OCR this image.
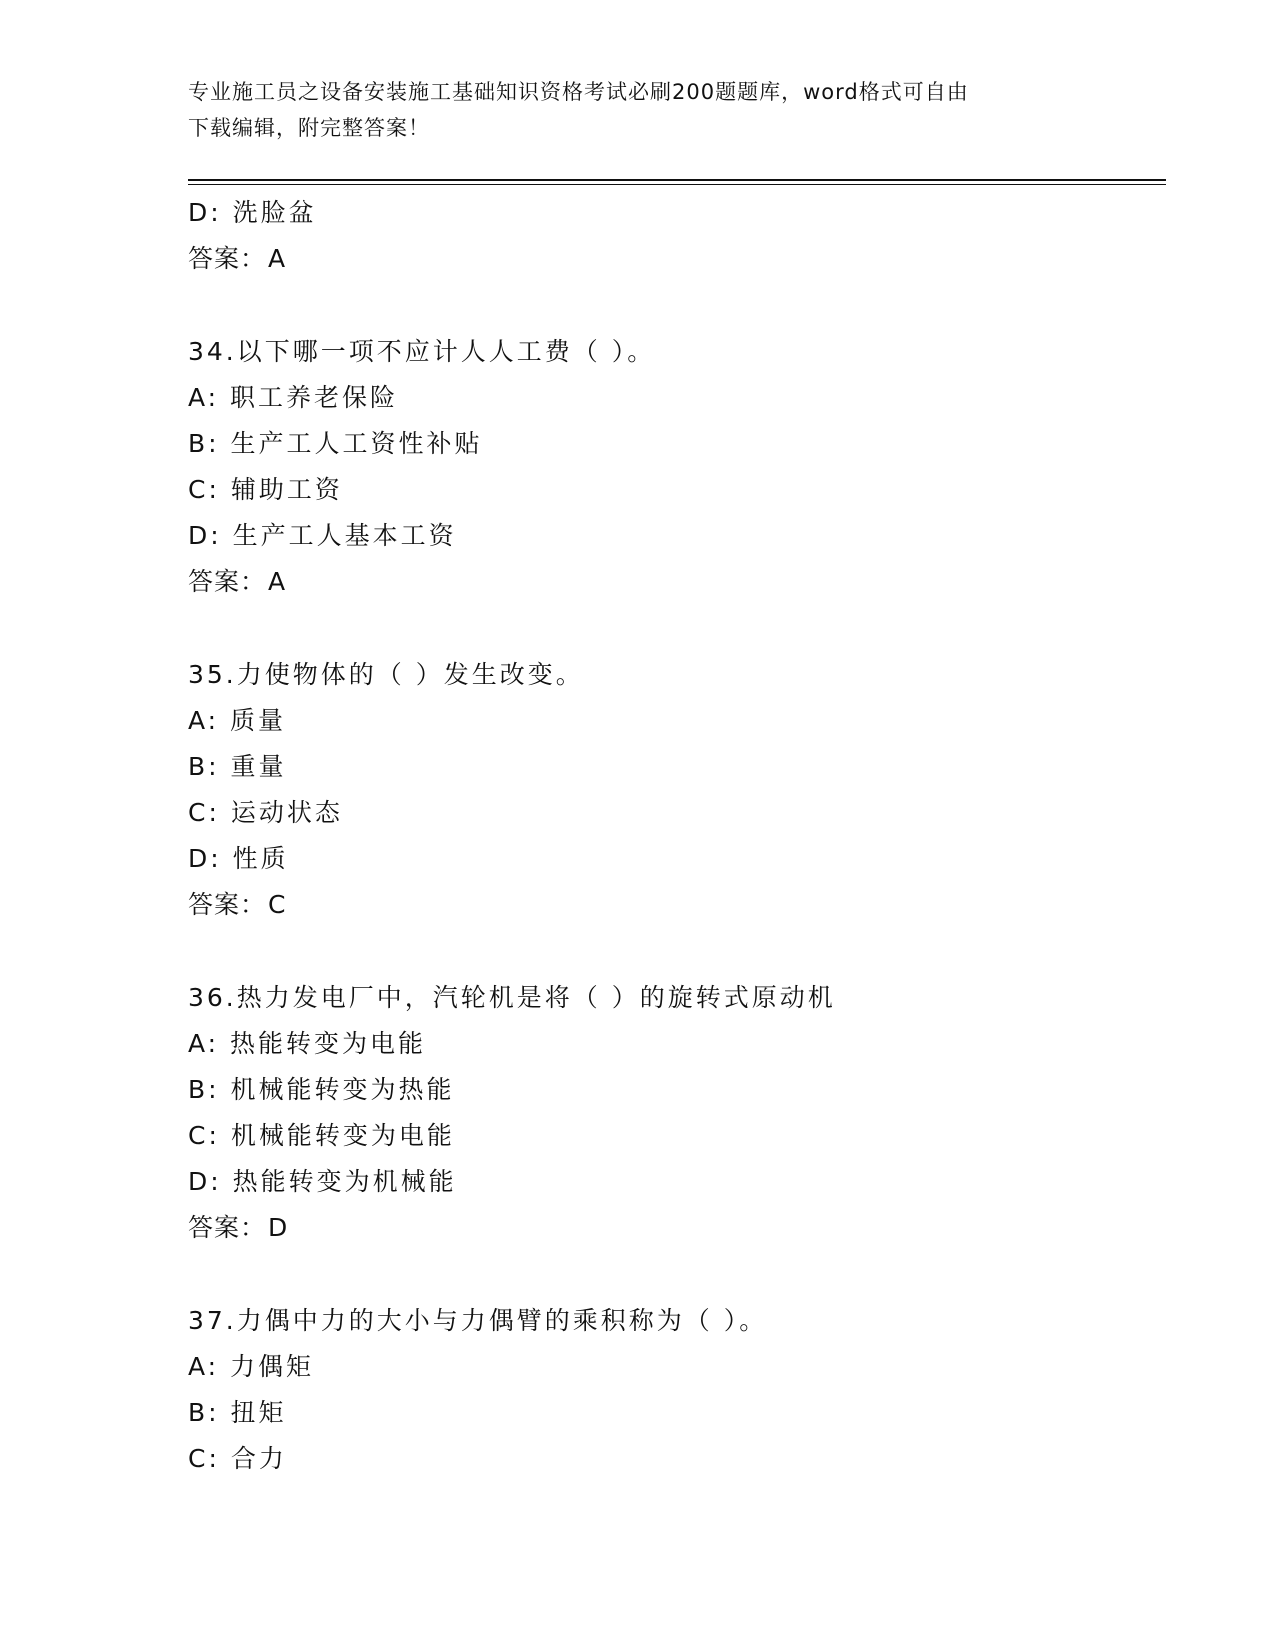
专业施工员之设备安装施工基础知识资格考试必刷200题题库，word格式可自由
下载编辑，附完整答案！
D: 洗脸盆
答案：A
34.以下哪一项不应计人人工费（ ）。
A: 职工养老保险
B: 生产工人工资性补贴
C: 辅助工资
D: 生产工人基本工资
答案：A
35.力使物体的（ ）发生改变。
A: 质量
B: 重量
C: 运动状态
D: 性质
答案：C
36.热力发电厂中，汽轮机是将（ ）的旋转式原动机
A: 热能转变为电能
B: 机械能转变为热能
C: 机械能转变为电能
D: 热能转变为机械能
答案：D
37.力偶中力的大小与力偶臂的乘积称为（ ）。
A: 力偶矩
B: 扭矩
C: 合力
